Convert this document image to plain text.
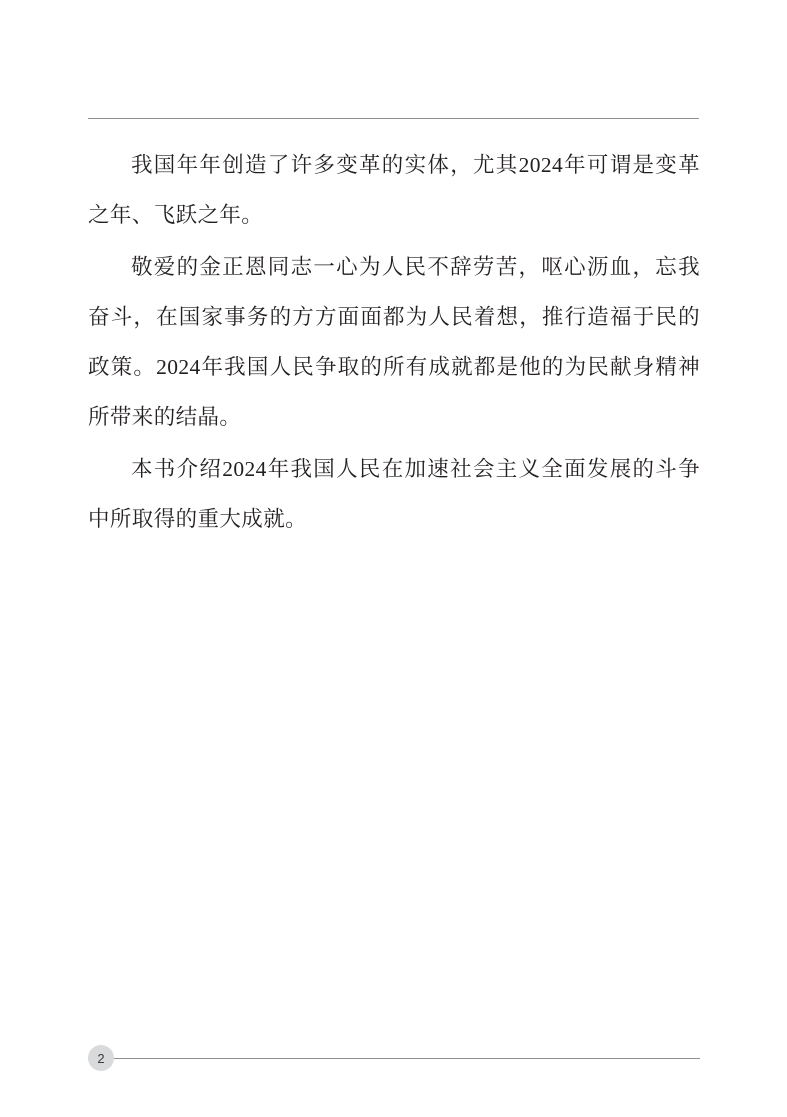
我国年年创造了许多变革的实体，尤其2024年可谓是变革之年、飞跃之年。

敬爱的金正恩同志一心为人民不辞劳苦，呕心沥血，忘我奋斗，在国家事务的方方面面都为人民着想，推行造福于民的政策。2024年我国人民争取的所有成就都是他的为民献身精神所带来的结晶。

本书介绍2024年我国人民在加速社会主义全面发展的斗争中所取得的重大成就。

2
